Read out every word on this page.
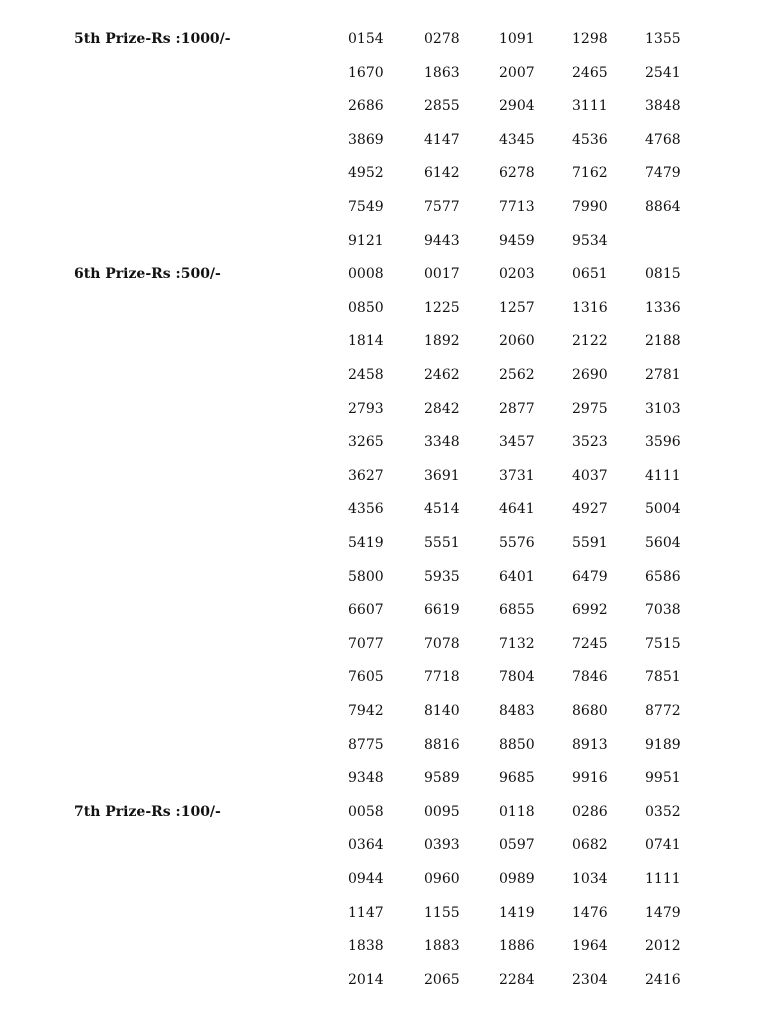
5th Prize-Rs :1000/-	0154	0278	1091	1298	1355
1670	1863	2007	2465	2541
2686	2855	2904	3111	3848
3869	4147	4345	4536	4768
4952	6142	6278	7162	7479
7549	7577	7713	7990	8864
9121	9443	9459	9534
6th Prize-Rs :500/-	0008	0017	0203	0651	0815
0850	1225	1257	1316	1336
1814	1892	2060	2122	2188
2458	2462	2562	2690	2781
2793	2842	2877	2975	3103
3265	3348	3457	3523	3596
3627	3691	3731	4037	4111
4356	4514	4641	4927	5004
5419	5551	5576	5591	5604
5800	5935	6401	6479	6586
6607	6619	6855	6992	7038
7077	7078	7132	7245	7515
7605	7718	7804	7846	7851
7942	8140	8483	8680	8772
8775	8816	8850	8913	9189
9348	9589	9685	9916	9951
7th Prize-Rs :100/-	0058	0095	0118	0286	0352
0364	0393	0597	0682	0741
0944	0960	0989	1034	1111
1147	1155	1419	1476	1479
1838	1883	1886	1964	2012
2014	2065	2284	2304	2416
